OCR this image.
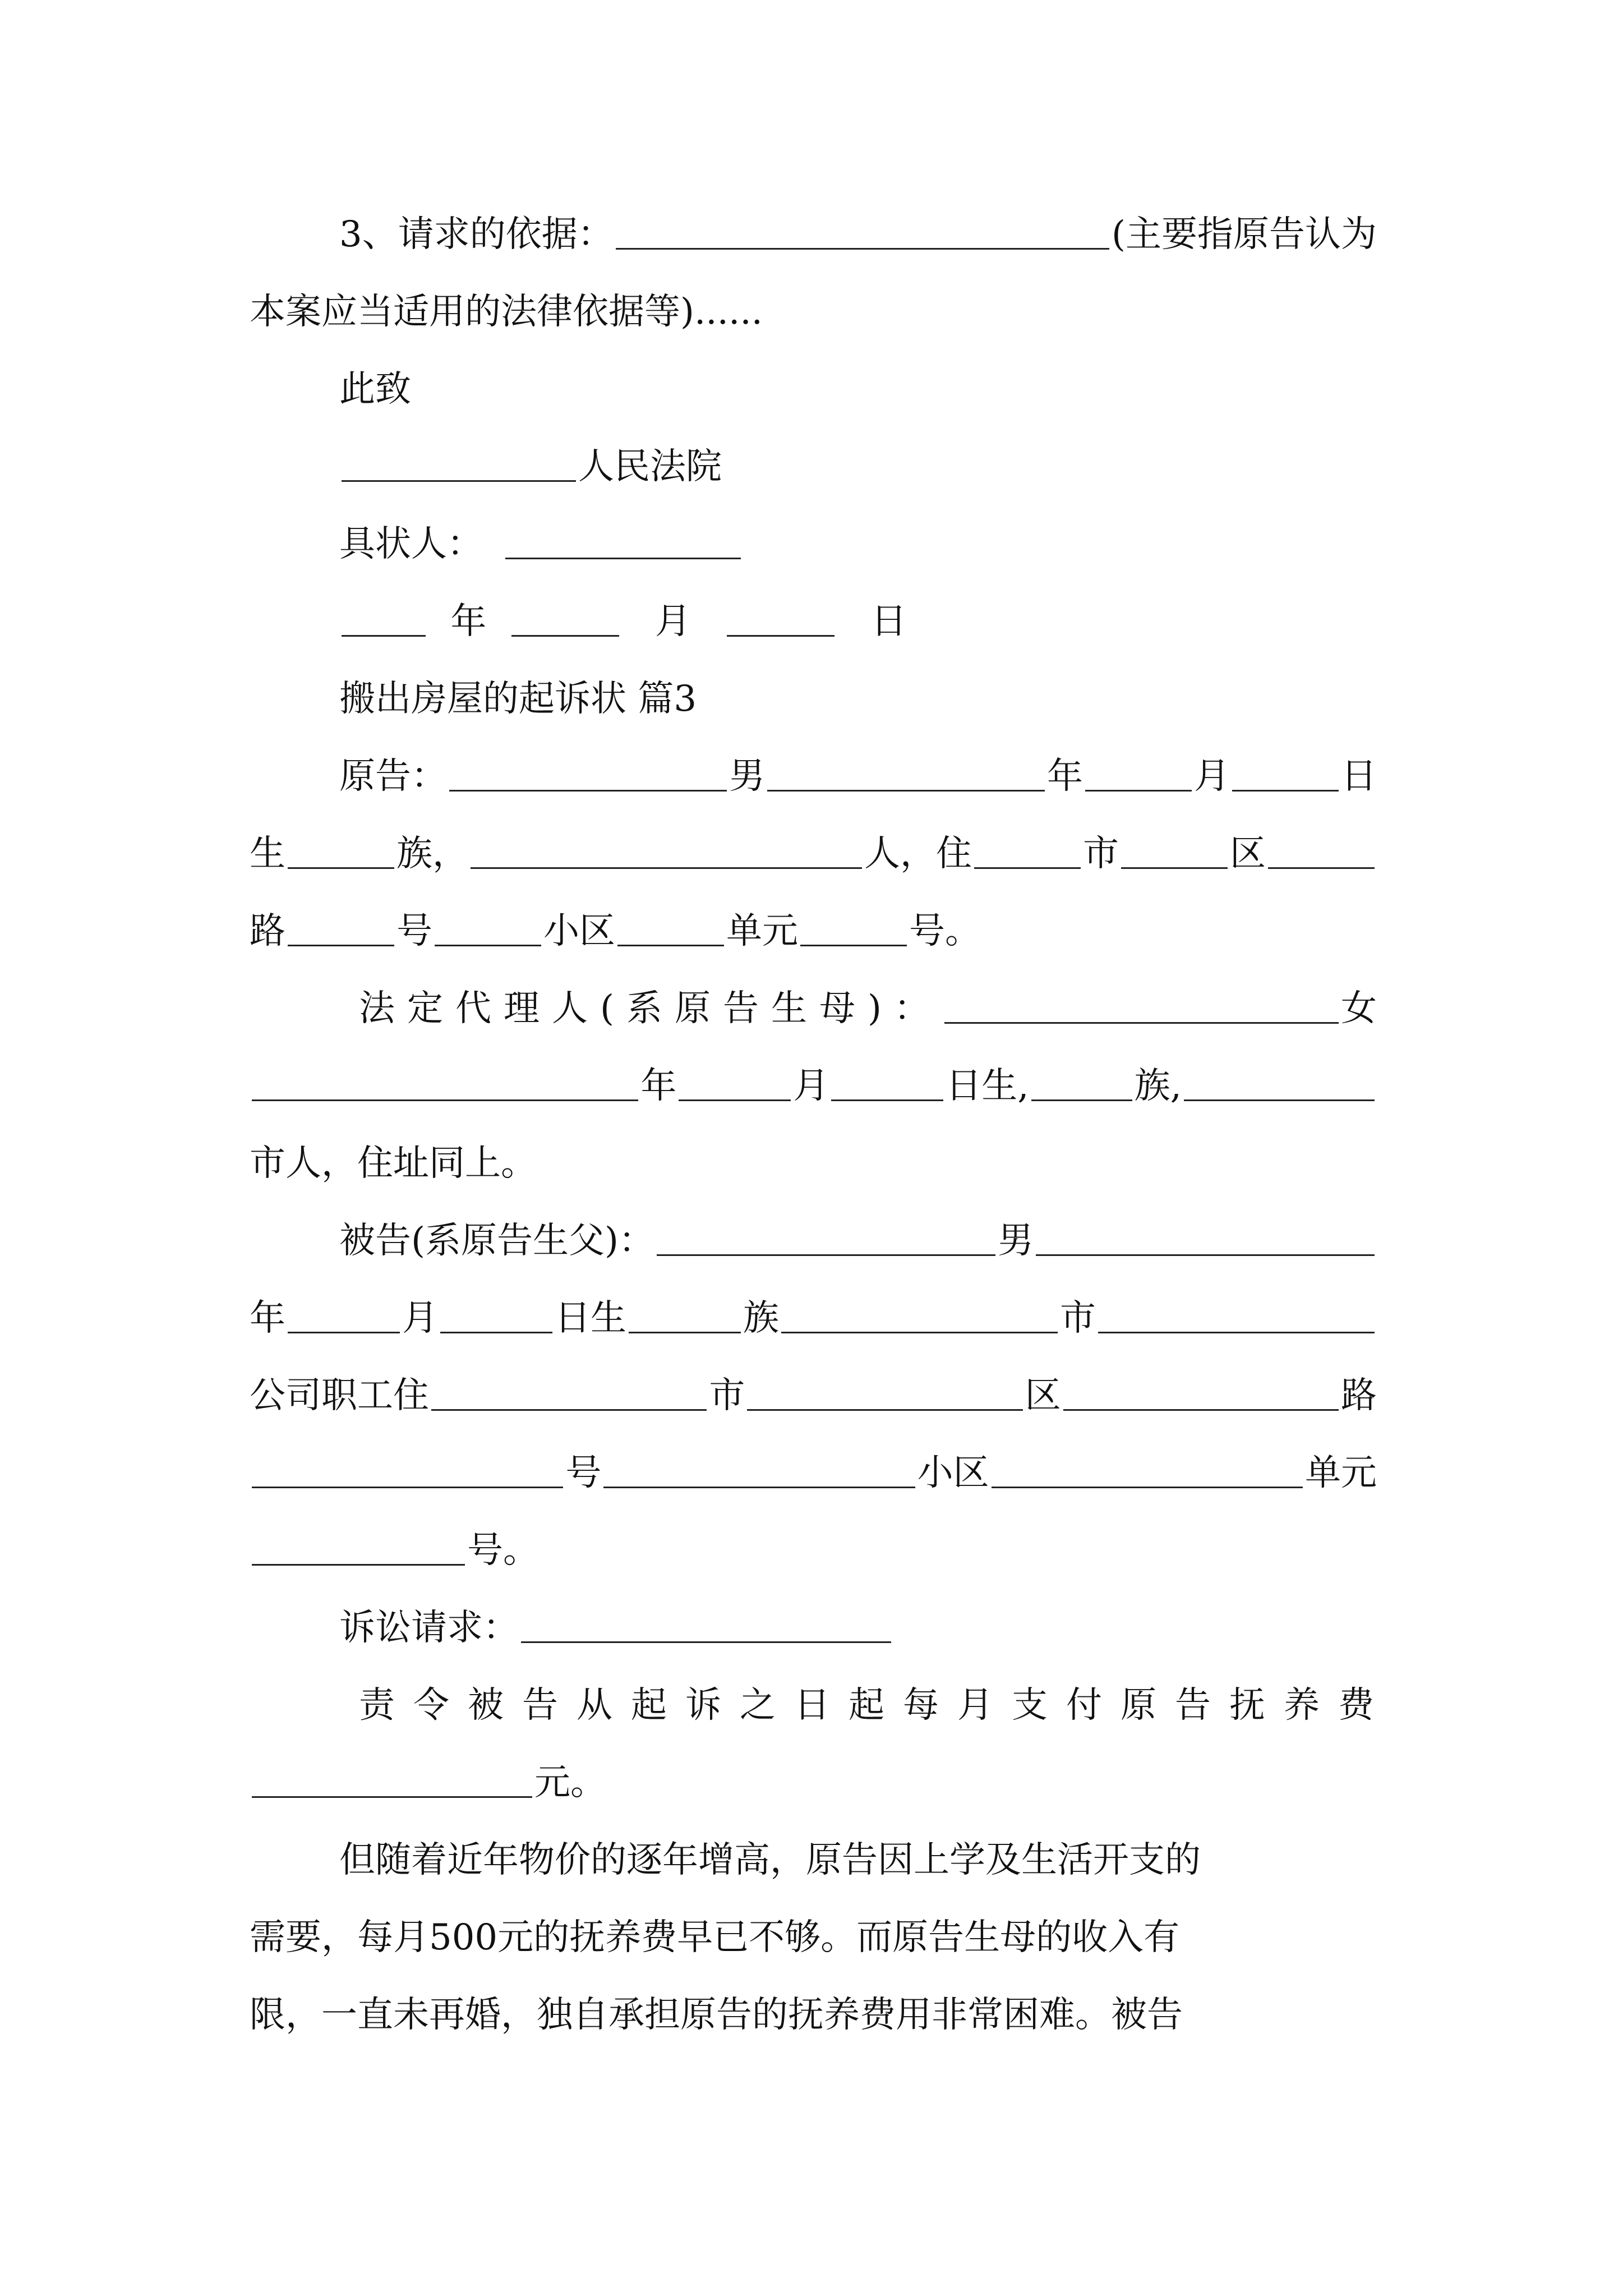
3、请求的依据：	(主要指原告认为
本案应当适用的法律依据等)......
此致
人民法院
具状人：
年	月	日
搬出房屋的起诉状 篇3
原告：	男	年	月	日
生	族，	人，住	市	区
路	号	小区	单元	号。
法定代理人(系原告生母)：	女
年	月	日生,	族,
市人，住址同上。
被告(系原告生父)：	男
年	月	日生	族	市
公司职工住	市	区	路
号	小区	单元
号。
诉讼请求：
责令被告从起诉之日起每月支付原告抚养费
元。
但随着近年物价的逐年增高，原告因上学及生活开支的
需要，每月500元的抚养费早已不够。而原告生母的收入有
限，一直未再婚，独自承担原告的抚养费用非常困难。被告
